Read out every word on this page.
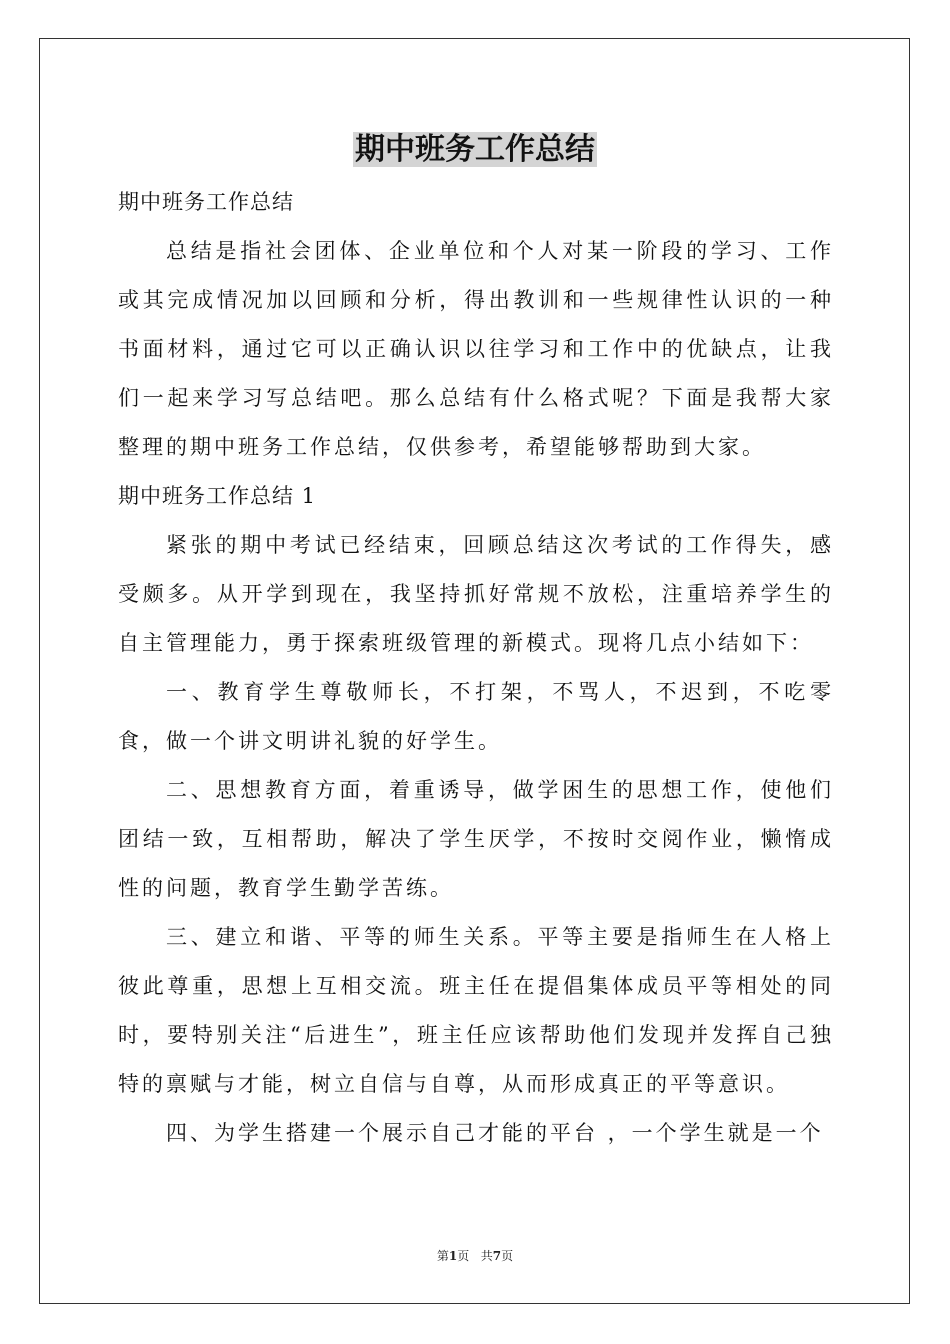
期中班务工作总结

期中班务工作总结

总结是指社会团体、企业单位和个人对某一阶段的学习、工作或其完成情况加以回顾和分析，得出教训和一些规律性认识的一种书面材料，通过它可以正确认识以往学习和工作中的优缺点，让我们一起来学习写总结吧。那么总结有什么格式呢？下面是我帮大家整理的期中班务工作总结，仅供参考，希望能够帮助到大家。

期中班务工作总结 1

紧张的期中考试已经结束，回顾总结这次考试的工作得失，感受颇多。从开学到现在，我坚持抓好常规不放松，注重培养学生的自主管理能力，勇于探索班级管理的新模式。现将几点小结如下：

一、教育学生尊敬师长，不打架，不骂人，不迟到，不吃零食，做一个讲文明讲礼貌的好学生。

二、思想教育方面，着重诱导，做学困生的思想工作，使他们团结一致，互相帮助，解决了学生厌学，不按时交阅作业，懒惰成性的问题，教育学生勤学苦练。

三、建立和谐、平等的师生关系。平等主要是指师生在人格上彼此尊重，思想上互相交流。班主任在提倡集体成员平等相处的同时，要特别关注“后进生”，班主任应该帮助他们发现并发挥自己独特的禀赋与才能，树立自信与自尊，从而形成真正的平等意识。

四、为学生搭建一个展示自己才能的平台 ，一个学生就是一个

第1页 共7页
